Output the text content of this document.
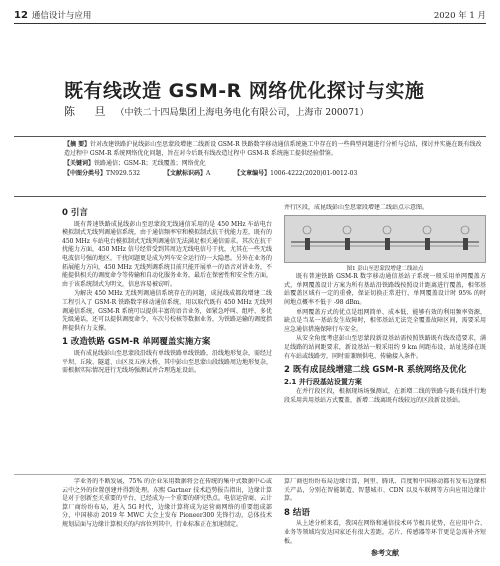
12 通信设计与应用	2020 年 1 月
既有线改造 GSM-R 网络优化探讨与实施
陈 旦 （中铁二十四局集团上海电务电化有限公司，上海市 200071）

【摘 要】针对改建铁路沪昆线彭山至思蒙段增建二线新设 GSM-R 铁路数字移动通信系统施工中存在的一些典型问题进行分析与总结，探讨并实施在既有线改造过程中 GSM-R 系统网络优化问题，旨在对今后既有线改造过程中 GSM-R 系统施工提供经验借鉴。

【关键词】铁路通信；GSM-R；无线覆盖；网络优化

【中图分类号】TN929.532	【文献标识码】A	【文章编号】1006-4222(2020)01-0012-03

0 引言

既有普速铁路成昆线彭山至思蒙段无线通信采用的是 450 MHz 车站电台模拟制式无线列调通信系统，由于通信频率窄和模拟制式抗干扰能力差，既有的 450 MHz 车站电台模拟制式无线列调通信无法满足相关通信需求。其次在抗干扰能力方面，450 MHz 信号经常受到其周边无线电信号干扰，尤其在一些无线电波信号强的地区，干扰问题更是成为列车安全运行的一大隐患。另外在业务的拓展能力方向，450 MHz 无线列调系统目前只能开展单一的语音对讲业务，不能提供相关的调度命令等传输和自动化服务业务，最后在保密性和安全性方面，由于该系统制式为明文，信息容易被窃听。

为解决 450 MHz 无线列调通信系统存在的问题，成昆线成都段增建二线工程引入了 GSM-R 铁路数字移动通信系统，用以取代既有 450 MHz 无线列调通信系统，GSM-R 系统可以提供丰富的语音业务，如紧急呼叫、组呼、多优先级通话，还可以提供调度命令、车次号校核等数据业务，为铁路运输的调度指挥提供有力支撑。

1 改造铁路 GSM-R 单网覆盖实施方案

既有成昆线彭山至思蒙段沿线有单线铁路单线铁路，沿线地形复杂，需经过平坝、丘陵、隧道、山区及五座大桥，其中彭山至思蒙山段线路周边地形复杂，需根据实际情况进行无线场强测试并合理选址设站。

并行区段，成昆线彭山至思蒙段增建二线站点示意图。

图1 彭山至思蒙段增建二线站点

既有普速铁路 GSM-R 数字移动通信基站子系统一般采用单网覆盖方式，单网覆盖设计方案为所有基站沿铁路线按照设计距离进行覆盖，相邻基站覆盖区域有一定的重叠，保证切换正常进行，单网覆盖设计时 95% 的时间地点概率不低于 -98 dBm。

单网覆盖方式的优点是组网简单、成本低、能够有效的利用频率资源，缺点是当某一基站发生故障时，相邻基站无法完全覆盖故障区间，需要采用应急通信措施保障行车安全。

从安全角度考虑彭山至思蒙段新设基站需按照铁路既有线改造要求，满足线路的站间距要求，新设基站一般采用约 9 km 间距布设，站址选择在既有车站或线路旁，同时需兼顾供电、传输接入条件。

2 既有成昆线增建二线 GSM-R 系统网络及优化
2.1 并行段基站设置方案

在并行段区段，根据现场场强测试，在新增二线的铁路与既有线并行地段采用共用基站方式覆盖，新增二线离既有线较远的区段新设基站。

字业务的不断发展，75% 的企业采用数据将会在传统的集中式数据中心或云中之外的位置创建并得到处理。东熙 Gartner 技术趋势报告指出，边缘计算是对于创新至关重要的平台，已经成为一个重要的研究热点。电信运营商、云计算厂商纷纷布局，进入 5G 时代，边缘计算将成为运营商网络的重要组成部分，中国移动 2019 年 MWC 大会上发布 Pioneer300 先锋行动，总体技术规划层面与边缘计算相关的内容位列其中，行业标准正在加速制定。

算厂商也纷纷布局边缘计算，阿里、腾讯、百度和中国移动都有发布边缘相关产品，分别在智能制造、智慧城市、CDN 以及车联网等方向应用边缘计算。

8 结语

从上述分析来看，我国在网络和通信技术环节极具优势，在应用中合、业务等领域均发达国家还有很大差距，芯片、传感器等环节更是急需补齐短板。

参考文献
